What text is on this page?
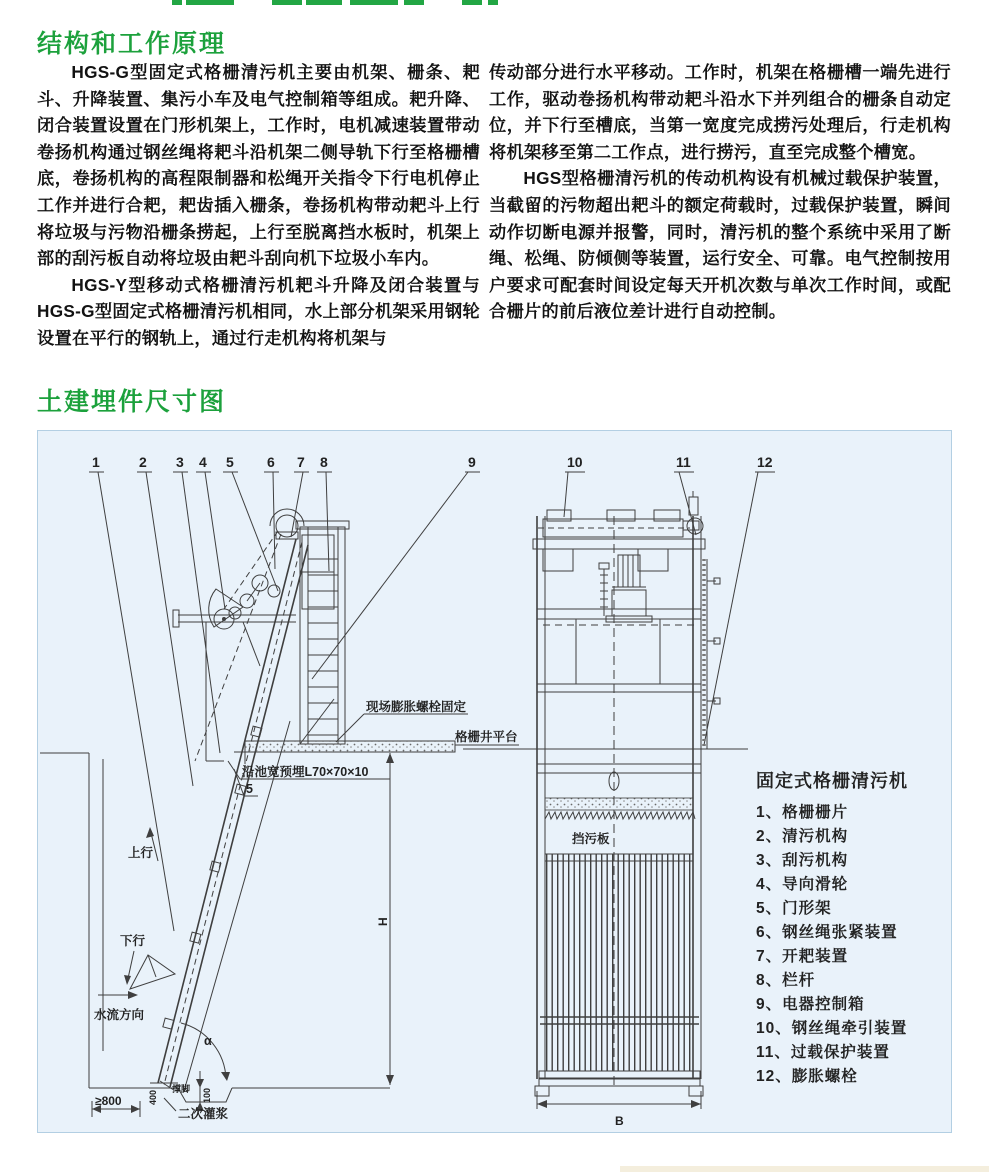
结构和工作原理

HGS-G型固定式格栅清污机主要由机架、栅条、耙斗、升降装置、集污小车及电气控制箱等组成。耙升降、闭合装置设置在门形机架上，工作时，电机减速装置带动卷扬机构通过钢丝绳将耙斗沿机架二侧导轨下行至格栅槽底，卷扬机构的高程限制器和松绳开关指令下行电机停止工作并进行合耙，耙齿插入栅条，卷扬机构带动耙斗上行将垃圾与污物沿栅条捞起，上行至脱离挡水板时，机架上部的刮污板自动将垃圾由耙斗刮向机下垃圾小车内。

HGS-Y型移动式格栅清污机耙斗升降及闭合装置与HGS-G型固定式格栅清污机相同，水上部分机架采用钢轮设置在平行的钢轨上，通过行走机构将机架与

传动部分进行水平移动。工作时，机架在格栅槽一端先进行工作，驱动卷扬机构带动耙斗沿水下并列组合的栅条自动定位，并下行至槽底，当第一宽度完成捞污处理后，行走机构将机架移至第二工作点，进行捞污，直至完成整个槽宽。

HGS型格栅清污机的传动机构设有机械过载保护装置，当截留的污物超出耙斗的额定荷载时，过载保护装置，瞬间动作切断电源并报警，同时，清污机的整个系统中采用了断绳、松绳、防倾侧等装置，运行安全、可靠。电气控制按用户要求可配套时间设定每天开机次数与单次工作时间，或配合栅片的前后液位差计进行自动控制。

土建埋件尺寸图
1	2 3 4 5 6 7 8	9	10	11	12
上行
下行
水流方向
α
100
400
撑脚
≥800
二次灌浆
H
现场膨胀螺栓固定
沿池宽预埋L70×70×10
5
格栅井平台
挡污板
B
固定式格栅清污机
1、格栅栅片
2、清污机构
3、刮污机构
4、导向滑轮
5、门形架
6、钢丝绳张紧装置
7、开耙装置
8、栏杆
9、电器控制箱
10、钢丝绳牵引装置
11、过载保护装置
12、膨胀螺栓
